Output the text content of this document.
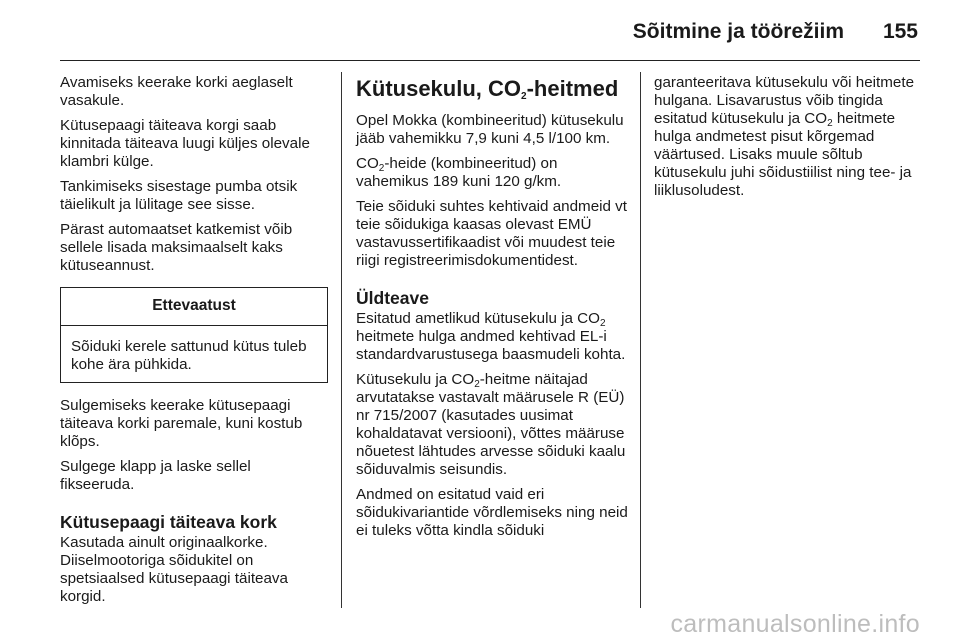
Sõitmine ja töörežiim 155

Avamiseks keerake korki aeglaselt vasakule.

Kütusepaagi täiteava korgi saab kinnitada täiteava luugi küljes olevale klambri külge.

Tankimiseks sisestage pumba otsik täielikult ja lülitage see sisse.

Pärast automaatset katkemist võib sellele lisada maksimaalselt kaks kütuseannust.

Ettevaatust
Sõiduki kerele sattunud kütus tuleb kohe ära pühkida.

Sulgemiseks keerake kütusepaagi täiteava korki paremale, kuni kostub klõps.

Sulgege klapp ja laske sellel fikseeruda.

Kütusepaagi täiteava kork

Kasutada ainult originaalkorke. Diiselmootoriga sõidukitel on spetsiaalsed kütusepaagi täiteava korgid.

Kütusekulu, $CO_2$-heitmed

Opel Mokka (kombineeritud) kütusekulu jääb vahemikku 7,9 kuni 4,5 l/100 km.

$CO_2$-heide (kombineeritud) on vahemikus 189 kuni 120 g/km.

Teie sõiduki suhtes kehtivaid andmeid vt teie sõidukiga kaasas olevast EMÜ vastavussertifikaadist või muudest teie riigi registreerimisdokumentidest.

Üldteave

Esitatud ametlikud kütusekulu ja $CO_2$ heitmete hulga andmed kehtivad EL-i standardvarustusega baasmudeli kohta.

Kütusekulu ja $CO_2$-heitme näitajad arvutatakse vastavalt määrusele R (EÜ) nr 715/2007 (kasutades uusimat kohaldatavat versiooni), võttes määruse nõuetest lähtudes arvesse sõiduki kaalu sõiduvalmis seisundis.

Andmed on esitatud vaid eri sõidukivariantide võrdlemiseks ning neid ei tuleks võtta kindla sõiduki

garanteeritava kütusekulu või heitmete hulgana. Lisavarustus võib tingida esitatud kütusekulu ja $CO_2$ heitmete hulga andmetest pisut kõrgemad väärtused. Lisaks muule sõltub kütusekulu juhi sõidustiilist ning tee- ja liiklusoludest.

carmanualsonline.info
